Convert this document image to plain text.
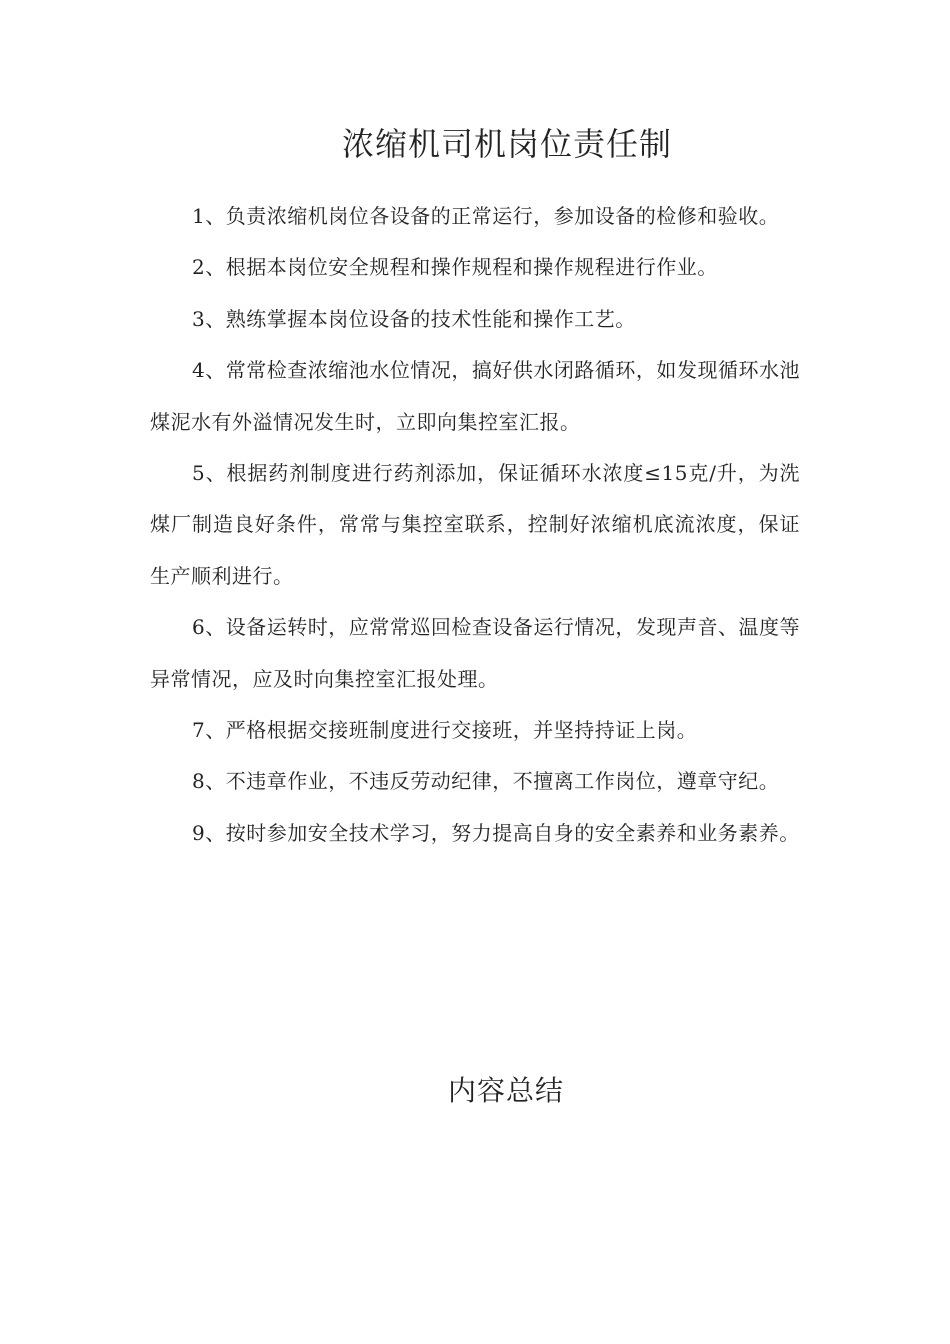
浓缩机司机岗位责任制

1、负责浓缩机岗位各设备的正常运行，参加设备的检修和验收。

2、根据本岗位安全规程和操作规程和操作规程进行作业。

3、熟练掌握本岗位设备的技术性能和操作工艺。

4、常常检查浓缩池水位情况，搞好供水闭路循环，如发现循环水池煤泥水有外溢情况发生时，立即向集控室汇报。

5、根据药剂制度进行药剂添加，保证循环水浓度≤15克/升，为洗煤厂制造良好条件，常常与集控室联系，控制好浓缩机底流浓度，保证生产顺利进行。

6、设备运转时，应常常巡回检查设备运行情况，发现声音、温度等异常情况，应及时向集控室汇报处理。

7、严格根据交接班制度进行交接班，并坚持持证上岗。

8、不违章作业，不违反劳动纪律，不擅离工作岗位，遵章守纪。

9、按时参加安全技术学习，努力提高自身的安全素养和业务素养。

内容总结
